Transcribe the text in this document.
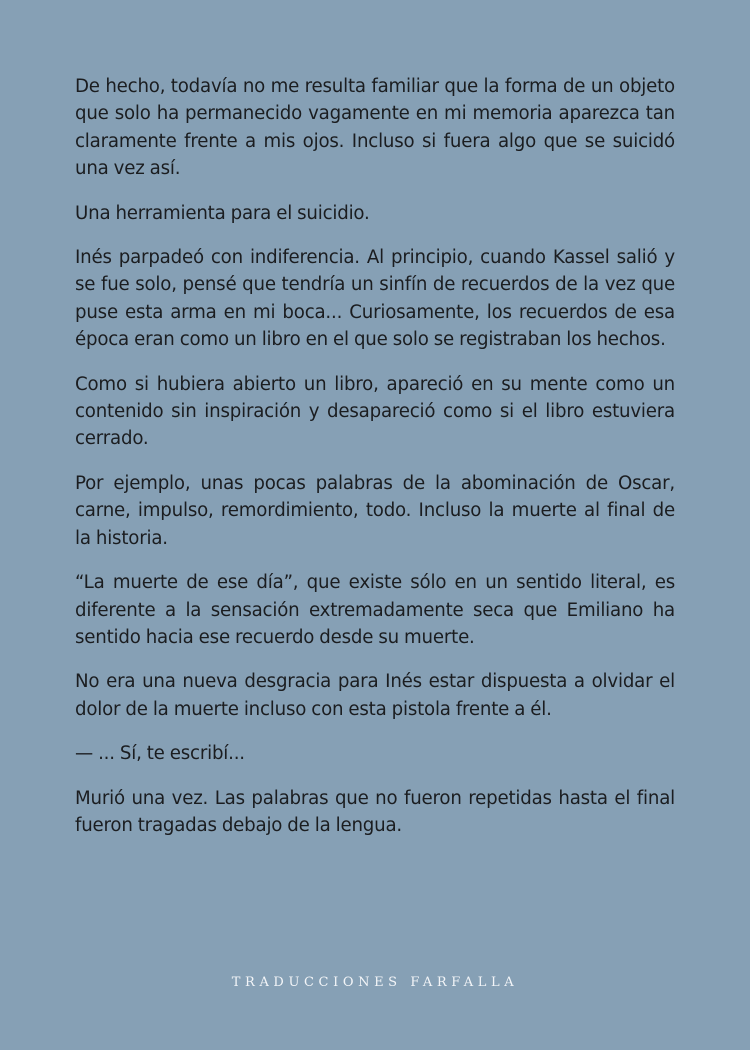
De hecho, todavía no me resulta familiar que la forma de un objeto que solo ha permanecido vagamente en mi memoria aparezca tan claramente frente a mis ojos. Incluso si fuera algo que se suicidó una vez así.

Una herramienta para el suicidio.

Inés parpadeó con indiferencia. Al principio, cuando Kassel salió y se fue solo, pensé que tendría un sinfín de recuerdos de la vez que puse esta arma en mi boca... Curiosamente, los recuerdos de esa época eran como un libro en el que solo se registraban los hechos.

Como si hubiera abierto un libro, apareció en su mente como un contenido sin inspiración y desapareció como si el libro estuviera cerrado.

Por ejemplo, unas pocas palabras de la abominación de Oscar, carne, impulso, remordimiento, todo. Incluso la muerte al final de la historia.

“La muerte de ese día”, que existe sólo en un sentido literal, es diferente a la sensación extremadamente seca que Emiliano ha sentido hacia ese recuerdo desde su muerte.

No era una nueva desgracia para Inés estar dispuesta a olvidar el dolor de la muerte incluso con esta pistola frente a él.

— ... Sí, te escribí...

Murió una vez. Las palabras que no fueron repetidas hasta el final fueron tragadas debajo de la lengua.

TRADUCCIONES FARFALLA
